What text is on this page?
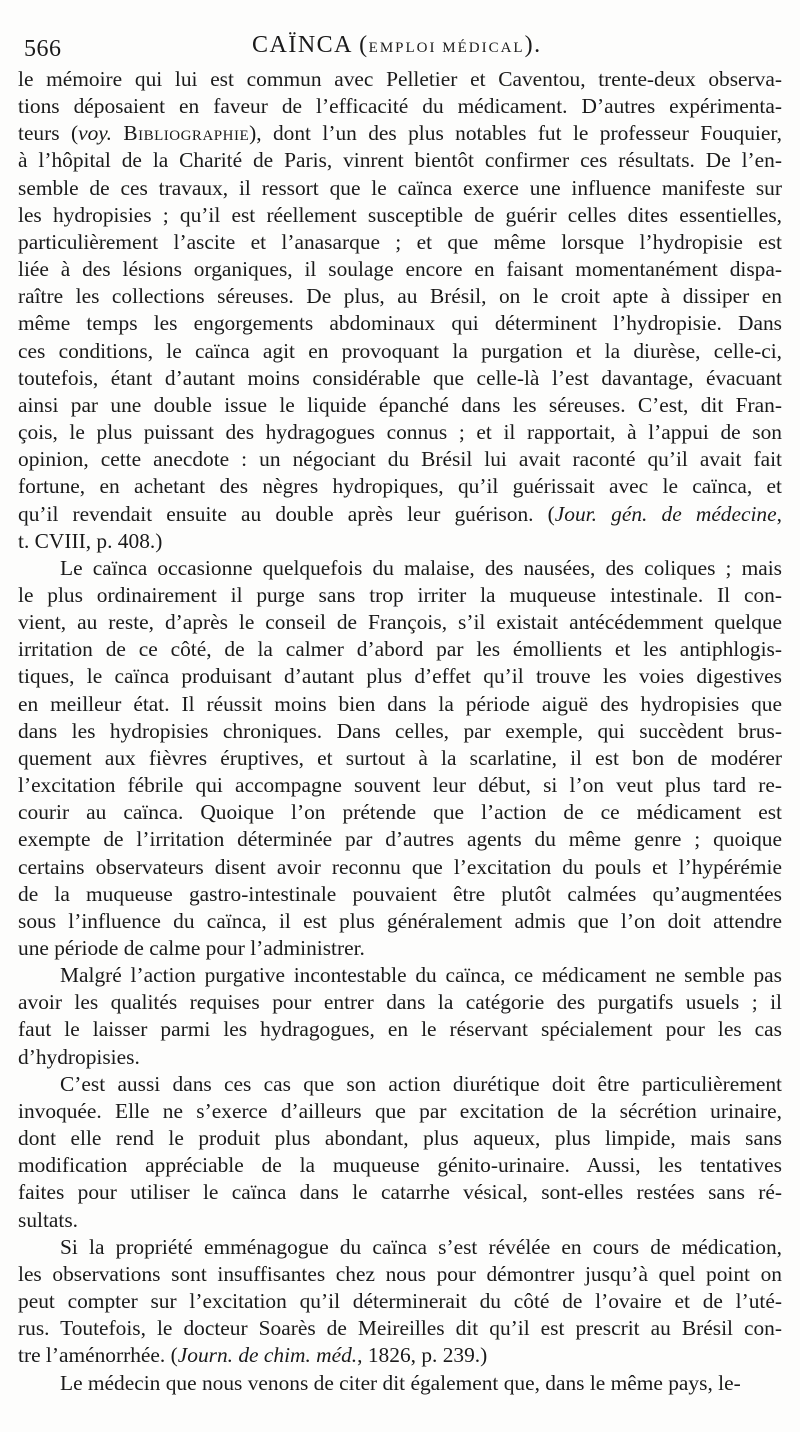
566	CAÏNCA (EMPLOI MÉDICAL).
le mémoire qui lui est commun avec Pelletier et Caventou, trente-deux observa-
tions déposaient en faveur de l’efficacité du médicament. D’autres expérimenta-
teurs (voy. Bibliographie), dont l’un des plus notables fut le professeur Fouquier,
à l’hôpital de la Charité de Paris, vinrent bientôt confirmer ces résultats. De l’en-
semble de ces travaux, il ressort que le caïnca exerce une influence manifeste sur
les hydropisies ; qu’il est réellement susceptible de guérir celles dites essentielles,
particulièrement l’ascite et l’anasarque ; et que même lorsque l’hydropisie est
liée à des lésions organiques, il soulage encore en faisant momentanément dispa-
raître les collections séreuses. De plus, au Brésil, on le croit apte à dissiper en
même temps les engorgements abdominaux qui déterminent l’hydropisie. Dans
ces conditions, le caïnca agit en provoquant la purgation et la diurèse, celle-ci,
toutefois, étant d’autant moins considérable que celle-là l’est davantage, évacuant
ainsi par une double issue le liquide épanché dans les séreuses. C’est, dit Fran-
çois, le plus puissant des hydragogues connus ; et il rapportait, à l’appui de son
opinion, cette anecdote : un négociant du Brésil lui avait raconté qu’il avait fait
fortune, en achetant des nègres hydropiques, qu’il guérissait avec le caïnca, et
qu’il revendait ensuite au double après leur guérison. (Jour. gén. de médecine,
t. CVIII, p. 408.)
Le caïnca occasionne quelquefois du malaise, des nausées, des coliques ; mais
le plus ordinairement il purge sans trop irriter la muqueuse intestinale. Il con-
vient, au reste, d’après le conseil de François, s’il existait antécédemment quelque
irritation de ce côté, de la calmer d’abord par les émollients et les antiphlogis-
tiques, le caïnca produisant d’autant plus d’effet qu’il trouve les voies digestives
en meilleur état. Il réussit moins bien dans la période aiguë des hydropisies que
dans les hydropisies chroniques. Dans celles, par exemple, qui succèdent brus-
quement aux fièvres éruptives, et surtout à la scarlatine, il est bon de modérer
l’excitation fébrile qui accompagne souvent leur début, si l’on veut plus tard re-
courir au caïnca. Quoique l’on prétende que l’action de ce médicament est
exempte de l’irritation déterminée par d’autres agents du même genre ; quoique
certains observateurs disent avoir reconnu que l’excitation du pouls et l’hypérémie
de la muqueuse gastro-intestinale pouvaient être plutôt calmées qu’augmentées
sous l’influence du caïnca, il est plus généralement admis que l’on doit attendre
une période de calme pour l’administrer.
Malgré l’action purgative incontestable du caïnca, ce médicament ne semble pas
avoir les qualités requises pour entrer dans la catégorie des purgatifs usuels ; il
faut le laisser parmi les hydragogues, en le réservant spécialement pour les cas
d’hydropisies.
C’est aussi dans ces cas que son action diurétique doit être particulièrement
invoquée. Elle ne s’exerce d’ailleurs que par excitation de la sécrétion urinaire,
dont elle rend le produit plus abondant, plus aqueux, plus limpide, mais sans
modification appréciable de la muqueuse génito-urinaire. Aussi, les tentatives
faites pour utiliser le caïnca dans le catarrhe vésical, sont-elles restées sans ré-
sultats.
Si la propriété emménagogue du caïnca s’est révélée en cours de médication,
les observations sont insuffisantes chez nous pour démontrer jusqu’à quel point on
peut compter sur l’excitation qu’il déterminerait du côté de l’ovaire et de l’uté-
rus. Toutefois, le docteur Soarès de Meireilles dit qu’il est prescrit au Brésil con-
tre l’aménorrhée. (Journ. de chim. méd., 1826, p. 239.)
Le médecin que nous venons de citer dit également que, dans le même pays, le-
